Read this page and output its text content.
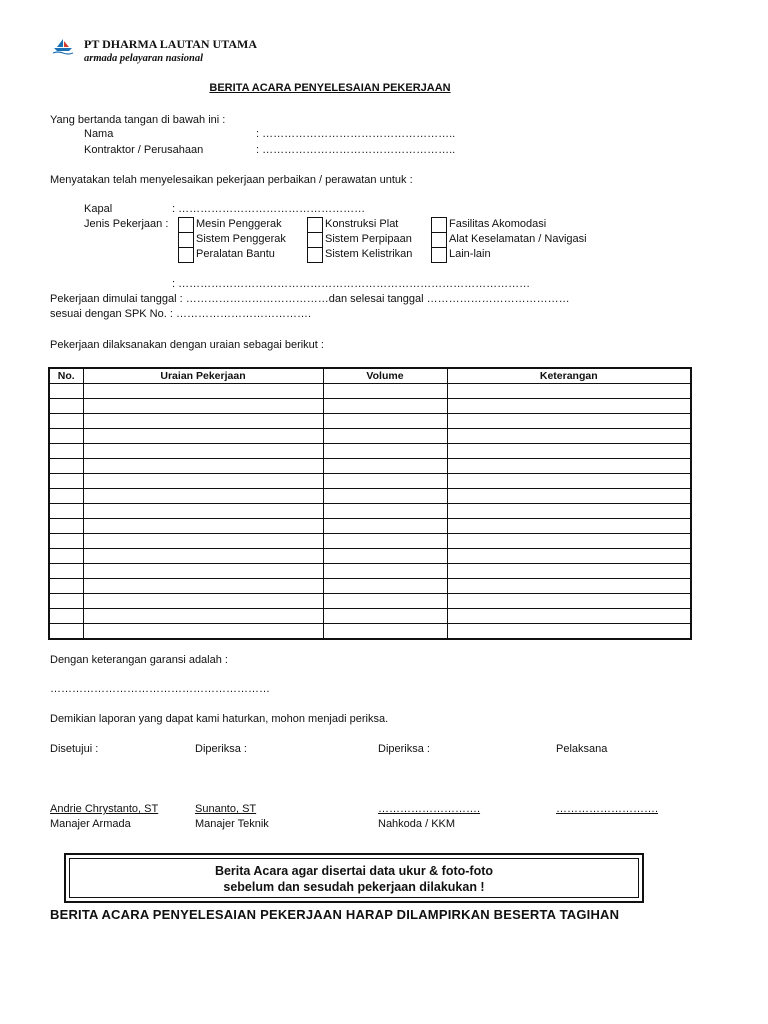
PT DHARMA LAUTAN UTAMA
armada pelayaran nasional
BERITA ACARA PENYELESAIAN PEKERJAAN
Yang bertanda tangan di bawah ini :
Nama	: ……………………………………………..
Kontraktor / Perusahaan	: ……………………………………………..
Menyatakan telah menyelesaikan pekerjaan perbaikan / perawatan untuk :
Kapal	: ……………………………………………
Jenis Pekerjaan :	Mesin Penggerak	Konstruksi Plat	Fasilitas Akomodasi
Sistem Penggerak	Sistem Perpipaan	Alat Keselamatan / Navigasi
Peralatan Bantu	Sistem Kelistrikan	Lain-lain
: ……………………………………………………………………………………
Pekerjaan dimulai tanggal : …………………………………dan selesai tanggal …………………………………
sesuai dengan SPK No. : ……………………………….
Pekerjaan dilaksanakan dengan uraian sebagai berikut :
No.	Uraian Pekerjaan	Volume	Keterangan

Dengan keterangan garansi adalah :
……………………………………………………
Demikian laporan yang dapat kami haturkan, mohon menjadi periksa.
Disetujui :	Diperiksa :	Diperiksa :	Pelaksana
Andrie Chrystanto, ST	Sunanto, ST	……………………….	……………………….
Manajer Armada	Manajer Teknik	Nahkoda / KKM
Berita Acara agar disertai data ukur & foto-foto
sebelum dan sesudah pekerjaan dilakukan !
BERITA ACARA PENYELESAIAN PEKERJAAN HARAP DILAMPIRKAN BESERTA TAGIHAN
